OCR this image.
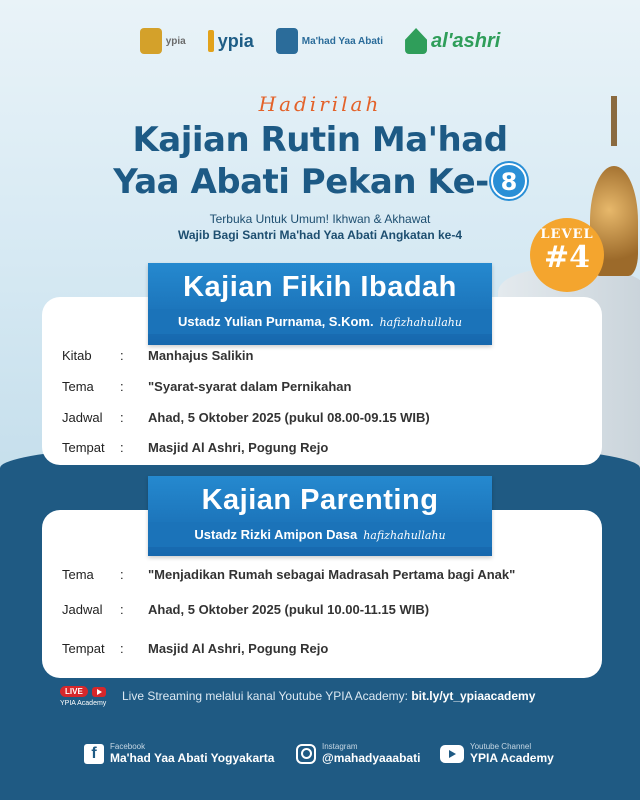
ypia ypia	Ma'had Yaa Abati al'ashri
Hadirilah
Kajian Rutin Ma'had
Yaa Abati Pekan Ke- 8
Terbuka Untuk Umum! Ikhwan & Akhawat
Wajib Bagi Santri Ma'had Yaa Abati Angkatan ke-4	LEVEL
#4
Kajian Fikih Ibadah
Ustadz Yulian Purnama, S.Kom. hafizhahullahu
Kitab	: Manhajus Salikin
Tema	: "Syarat-syarat dalam Pernikahan
Jadwal	: Ahad, 5 Oktober 2025 (pukul 08.00-09.15 WIB)
Tempat	: Masjid Al Ashri, Pogung Rejo
Kajian Parenting
Ustadz Rizki Amipon Dasa hafizhahullahu
Tema	: "Menjadikan Rumah sebagai Madrasah Pertama bagi Anak"
Jadwal	: Ahad, 5 Oktober 2025 (pukul 10.00-11.15 WIB)
Tempat	: Masjid Al Ashri, Pogung Rejo
LIVE
YPIA Academy
Live Streaming melalui kanal Youtube YPIA Academy: bit.ly/yt_ypiaacademy
f	Facebook
Ma'had Yaa Abati Yogyakarta
Instagram
@mahadyaaabati
Youtube Channel
YPIA Academy
